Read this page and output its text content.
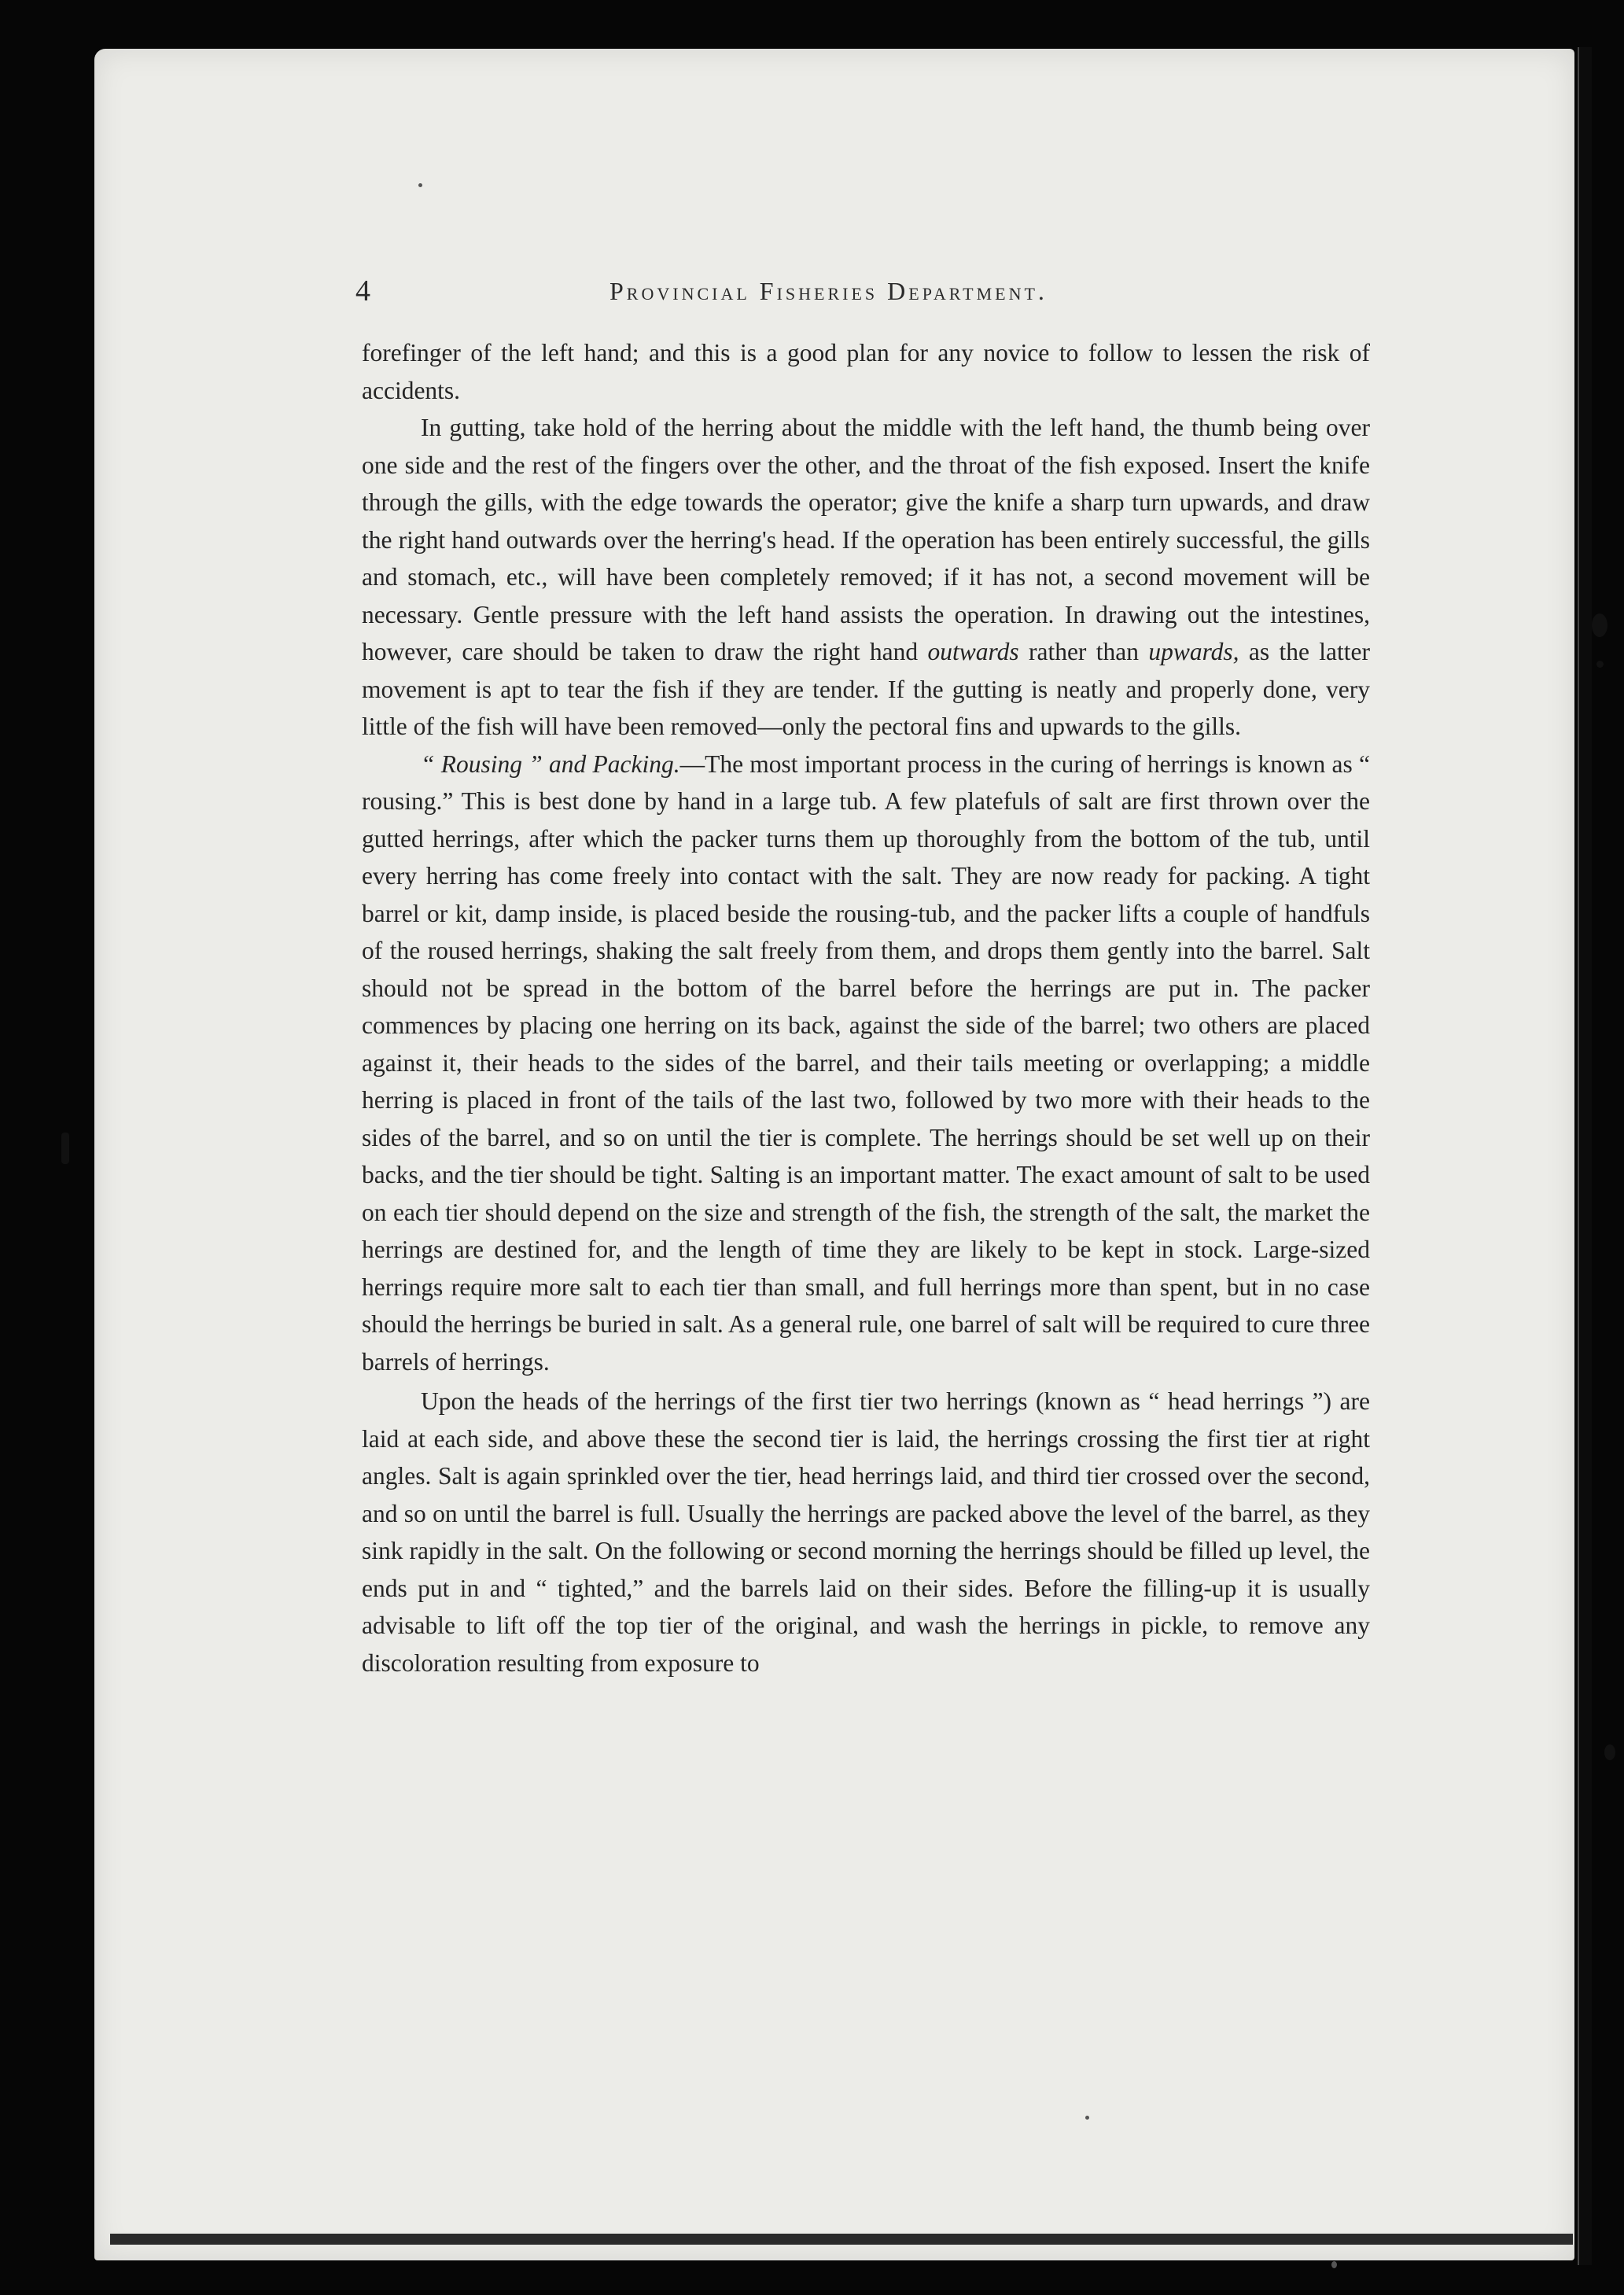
4	Provincial Fisheries Department.

forefinger of the left hand; and this is a good plan for any novice to follow to lessen the risk of accidents.

In gutting, take hold of the herring about the middle with the left hand, the thumb being over one side and the rest of the fingers over the other, and the throat of the fish exposed. Insert the knife through the gills, with the edge towards the operator; give the knife a sharp turn upwards, and draw the right hand outwards over the herring's head. If the operation has been entirely successful, the gills and stomach, etc., will have been completely removed; if it has not, a second movement will be necessary. Gentle pressure with the left hand assists the operation. In drawing out the intestines, however, care should be taken to draw the right hand outwards rather than upwards, as the latter movement is apt to tear the fish if they are tender. If the gutting is neatly and properly done, very little of the fish will have been removed—only the pectoral fins and upwards to the gills.

“ Rousing ” and Packing.—The most important process in the curing of herrings is known as “ rousing.” This is best done by hand in a large tub. A few platefuls of salt are first thrown over the gutted herrings, after which the packer turns them up thoroughly from the bottom of the tub, until every herring has come freely into contact with the salt. They are now ready for packing. A tight barrel or kit, damp inside, is placed beside the rousing-tub, and the packer lifts a couple of handfuls of the roused herrings, shaking the salt freely from them, and drops them gently into the barrel. Salt should not be spread in the bottom of the barrel before the herrings are put in. The packer commences by placing one herring on its back, against the side of the barrel; two others are placed against it, their heads to the sides of the barrel, and their tails meeting or overlapping; a middle herring is placed in front of the tails of the last two, followed by two more with their heads to the sides of the barrel, and so on until the tier is complete. The herrings should be set well up on their backs, and the tier should be tight. Salting is an important matter. The exact amount of salt to be used on each tier should depend on the size and strength of the fish, the strength of the salt, the market the herrings are destined for, and the length of time they are likely to be kept in stock. Large-sized herrings require more salt to each tier than small, and full herrings more than spent, but in no case should the herrings be buried in salt. As a general rule, one barrel of salt will be required to cure three barrels of herrings.

Upon the heads of the herrings of the first tier two herrings (known as “ head herrings ”) are laid at each side, and above these the second tier is laid, the herrings crossing the first tier at right angles. Salt is again sprinkled over the tier, head herrings laid, and third tier crossed over the second, and so on until the barrel is full. Usually the herrings are packed above the level of the barrel, as they sink rapidly in the salt. On the following or second morning the herrings should be filled up level, the ends put in and “ tighted,” and the barrels laid on their sides. Before the filling-up it is usually advisable to lift off the top tier of the original, and wash the herrings in pickle, to remove any discoloration resulting from exposure to
